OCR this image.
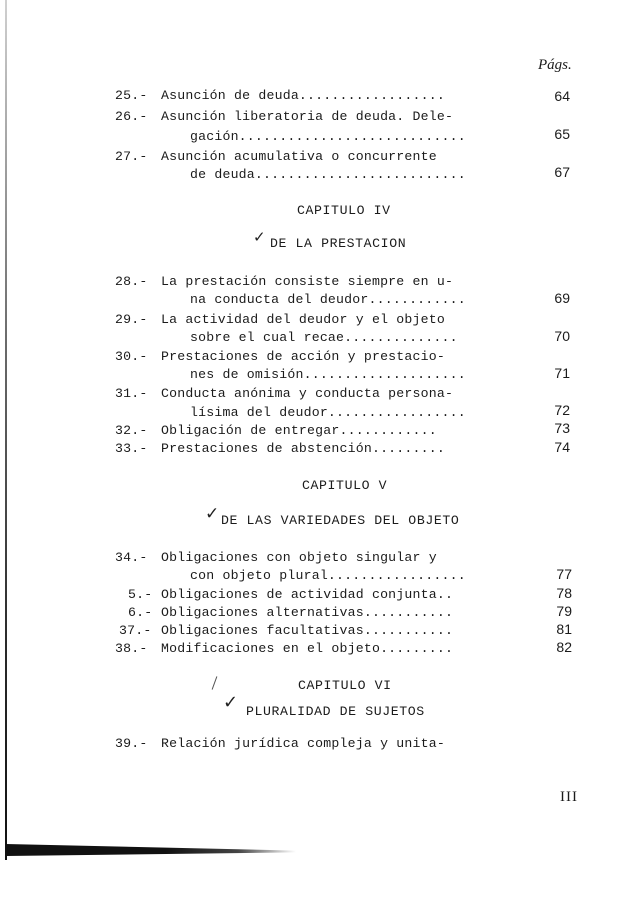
Págs.
25.- Asunción de deuda..................	64
26.- Asunción liberatoria de deuda. Dele-
gación............................	65
27.- Asunción acumulativa o concurrente
de deuda..........................	67
CAPITULO IV
✓ DE LA PRESTACION
28.- La prestación consiste siempre en u-
na conducta del deudor............	69
29.- La actividad del deudor y el objeto
sobre el cual recae..............	70
30.- Prestaciones de acción y prestacio-
nes de omisión....................	71
31.- Conducta anónima y conducta persona-
lísima del deudor.................	72
32.- Obligación de entregar............	73
33.- Prestaciones de abstención.........	74
CAPITULO V
✓ DE LAS VARIEDADES DEL OBJETO
34.- Obligaciones con objeto singular y
con objeto plural.................	77
5.- Obligaciones de actividad conjunta..	78
6.- Obligaciones alternativas...........	79
37.- Obligaciones facultativas...........	81
38.- Modificaciones en el objeto.........	82
CAPITULO VI
✓ PLURALIDAD DE SUJETOS
39.- Relación jurídica compleja y unita-
III
